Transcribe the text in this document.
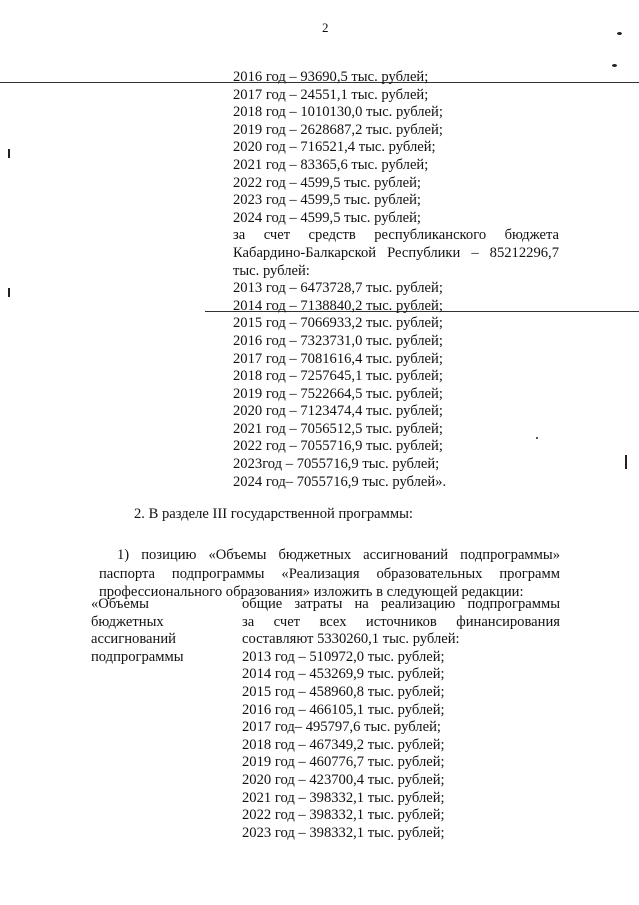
2
2016 год – 93690,5 тыс. рублей;
2017 год – 24551,1 тыс. рублей;
2018 год – 1010130,0 тыс. рублей;
2019 год – 2628687,2 тыс. рублей;
2020 год – 716521,4 тыс. рублей;
2021 год – 83365,6 тыс. рублей;
2022 год – 4599,5 тыс. рублей;
2023 год – 4599,5 тыс. рублей;
2024 год – 4599,5 тыс. рублей;
за счет средств республиканского бюджета
Кабардино-Балкарской Республики – 85212296,7
тыс. рублей:
2013 год – 6473728,7 тыс. рублей;
2014 год – 7138840,2 тыс. рублей;
2015 год – 7066933,2 тыс. рублей;
2016 год – 7323731,0 тыс. рублей;
2017 год – 7081616,4 тыс. рублей;
2018 год – 7257645,1 тыс. рублей;
2019 год – 7522664,5 тыс. рублей;
2020 год – 7123474,4 тыс. рублей;
2021 год – 7056512,5 тыс. рублей;
2022 год – 7055716,9 тыс. рублей;
2023год – 7055716,9 тыс. рублей;
2024 год– 7055716,9 тыс. рублей».
2. В разделе III государственной программы:
1) позицию «Объемы бюджетных ассигнований подпрограммы»
паспорта подпрограммы «Реализация образовательных программ
профессионального образования» изложить в следующей редакции:
«Объемы
бюджетных
ассигнований
подпрограммы
общие затраты на реализацию подпрограммы
за счет всех источников финансирования
составляют 5330260,1 тыс. рублей:
2013 год – 510972,0 тыс. рублей;
2014 год – 453269,9 тыс. рублей;
2015 год – 458960,8 тыс. рублей;
2016 год – 466105,1 тыс. рублей;
2017 год– 495797,6 тыс. рублей;
2018 год – 467349,2 тыс. рублей;
2019 год – 460776,7 тыс. рублей;
2020 год – 423700,4 тыс. рублей;
2021 год – 398332,1 тыс. рублей;
2022 год – 398332,1 тыс. рублей;
2023 год – 398332,1 тыс. рублей;
